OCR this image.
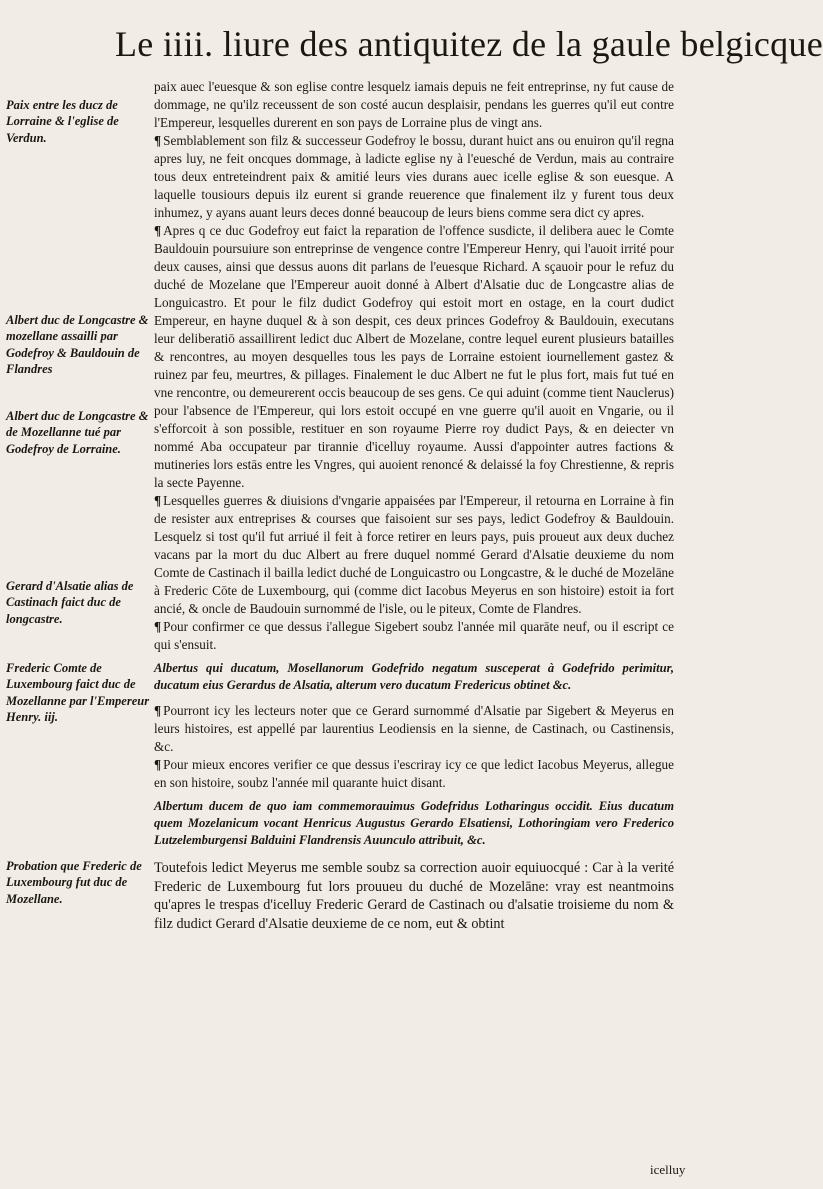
Le iiii. liure des antiquitez de la gaule belgicque
Paix entre les ducz de Lorraine & l'eglise de Verdun.
Albert duc de Longcastre & mozellane assailli par Godefroy & Bauldouin de Flandres
Albert duc de Longcastre & de Mozellanne tué par Godefroy de Lorraine.
Gerard d'Alsatie alias de Castinach faict duc de longcastre.
Frederic Comte de Luxembourg faict duc de Mozellanne par l'Empereur Henry. iij.
Probation que Frederic de Luxembourg fut duc de Mozellane.

paix auec l'euesque & son eglise contre lesquelz iamais depuis ne feit entreprinse, ny fut cause de dommage, ne qu'ilz receussent de son costé aucun desplaisir, pendans les guerres qu'il eut contre l'Empereur, lesquelles durerent en son pays de Lorraine plus de vingt ans.

¶ Semblablement son filz & successeur Godefroy le bossu, durant huict ans ou enuiron qu'il regna apres luy, ne feit oncques dommage, à ladicte eglise ny à l'euesché de Verdun, mais au contraire tous deux entreteindrent paix & amitié leurs vies durans auec icelle eglise & son euesque. A laquelle tousiours depuis ilz eurent si grande reuerence que finalement ilz y furent tous deux inhumez, y ayans auant leurs deces donné beaucoup de leurs biens comme sera dict cy apres.

¶ Apres q ce duc Godefroy eut faict la reparation de l'offence susdicte, il delibera auec le Comte Bauldouin poursuiure son entreprinse de vengence contre l'Empereur Henry, qui l'auoit irrité pour deux causes, ainsi que dessus auons dit parlans de l'euesque Richard. A sçauoir pour le refuz du duché de Mozelane que l'Empereur auoit donné à Albert d'Alsatie duc de Longcastre alias de Longuicastro. Et pour le filz dudict Godefroy qui estoit mort en ostage, en la court dudict Empereur, en hayne duquel & à son despit, ces deux princes Godefroy & Bauldouin, executans leur deliberatiō assaillirent ledict duc Albert de Mozelane, contre lequel eurent plusieurs batailles & rencontres, au moyen desquelles tous les pays de Lorraine estoient iournellement gastez & ruinez par feu, meurtres, & pillages. Finalement le duc Albert ne fut le plus fort, mais fut tué en vne rencontre, ou demeurerent occis beaucoup de ses gens. Ce qui aduint (comme tient Nauclerus) pour l'absence de l'Empereur, qui lors estoit occupé en vne guerre qu'il auoit en Vngarie, ou il s'efforcoit à son possible, restituer en son royaume Pierre roy dudict Pays, & en deiecter vn nommé Aba occupateur par tirannie d'icelluy royaume. Aussi d'appointer autres factions & mutineries lors estās entre les Vngres, qui auoient renoncé & delaissé la foy Chrestienne, & repris la secte Payenne.

¶ Lesquelles guerres & diuisions d'vngarie appaisées par l'Empereur, il retourna en Lorraine à fin de resister aux entreprises & courses que faisoient sur ses pays, ledict Godefroy & Bauldouin. Lesquelz si tost qu'il fut arriué il feit à force retirer en leurs pays, puis proueut aux deux duchez vacans par la mort du duc Albert au frere duquel nommé Gerard d'Alsatie deuxieme du nom Comte de Castinach il bailla ledict duché de Longuicastro ou Longcastre, & le duché de Mozelāne à Frederic Cōte de Luxembourg, qui (comme dict Iacobus Meyerus en son histoire) estoit ia fort ancié, & oncle de Baudouin surnommé de l'isle, ou le piteux, Comte de Flandres.

¶ Pour confirmer ce que dessus i'allegue Sigebert soubz l'année mil quarāte neuf, ou il escript ce qui s'ensuit.

Albertus qui ducatum, Mosellanorum Godefrido negatum susceperat à Godefrido perimitur, ducatum eius Gerardus de Alsatia, alterum vero ducatum Fredericus obtinet &c.

¶ Pourront icy les lecteurs noter que ce Gerard surnommé d'Alsatie par Sigebert & Meyerus en leurs histoires, est appellé par laurentius Leodiensis en la sienne, de Castinach, ou Castinensis, &c.

¶ Pour mieux encores verifier ce que dessus i'escriray icy ce que ledict Iacobus Meyerus, allegue en son histoire, soubz l'année mil quarante huict disant.

Albertum ducem de quo iam commemorauimus Godefridus Lotharingus occidit. Eius ducatum quem Mozelanicum vocant Henricus Augustus Gerardo Elsatiensi, Lothoringiam vero Frederico Lutzelemburgensi Balduini Flandrensis Auunculo attribuit, &c.

Toutefois ledict Meyerus me semble soubz sa correction auoir equiuocqué : Car à la verité Frederic de Luxembourg fut lors prouueu du duché de Mozelāne: vray est neantmoins qu'apres le trespas d'icelluy Frederic Gerard de Castinach ou d'alsatie troisieme du nom & filz dudict Gerard d'Alsatie deuxieme de ce nom, eut & obtint

icelluy
